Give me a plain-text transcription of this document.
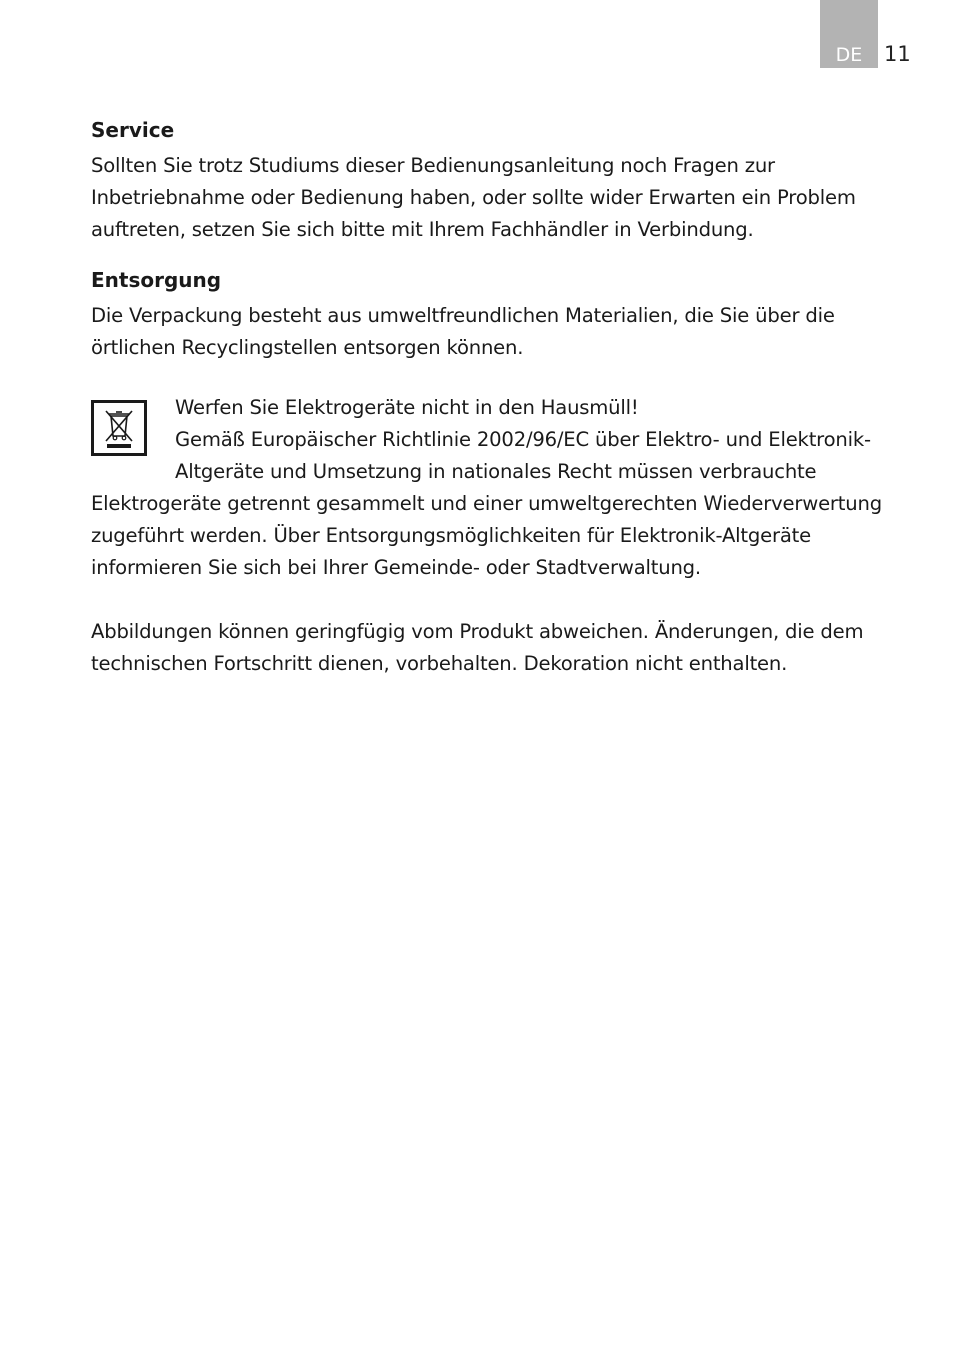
DE 11
Service

Sollten Sie trotz Studiums dieser Bedienungsanleitung noch Fragen zur Inbetriebnahme oder Bedienung haben, oder sollte wider Erwarten ein Problem auftreten, setzen Sie sich bitte mit Ihrem Fachhändler in Verbindung.

Entsorgung

Die Verpackung besteht aus umweltfreundlichen Materialien, die Sie über die örtlichen Recyclingstellen entsorgen können.

Werfen Sie Elektrogeräte nicht in den Hausmüll!

Gemäß Europäischer Richtlinie 2002/96/EC über Elektro- und Elektronik-Altgeräte und Umsetzung in nationales Recht müssen verbrauchte Elektrogeräte getrennt gesammelt und einer umweltgerechten Wiederverwertung zugeführt werden. Über Entsorgungsmöglichkeiten für Elektronik-Altgeräte informieren Sie sich bei Ihrer Gemeinde- oder Stadtverwaltung.

Abbildungen können geringfügig vom Produkt abweichen. Änderungen, die dem technischen Fortschritt dienen, vorbehalten. Dekoration nicht enthalten.
